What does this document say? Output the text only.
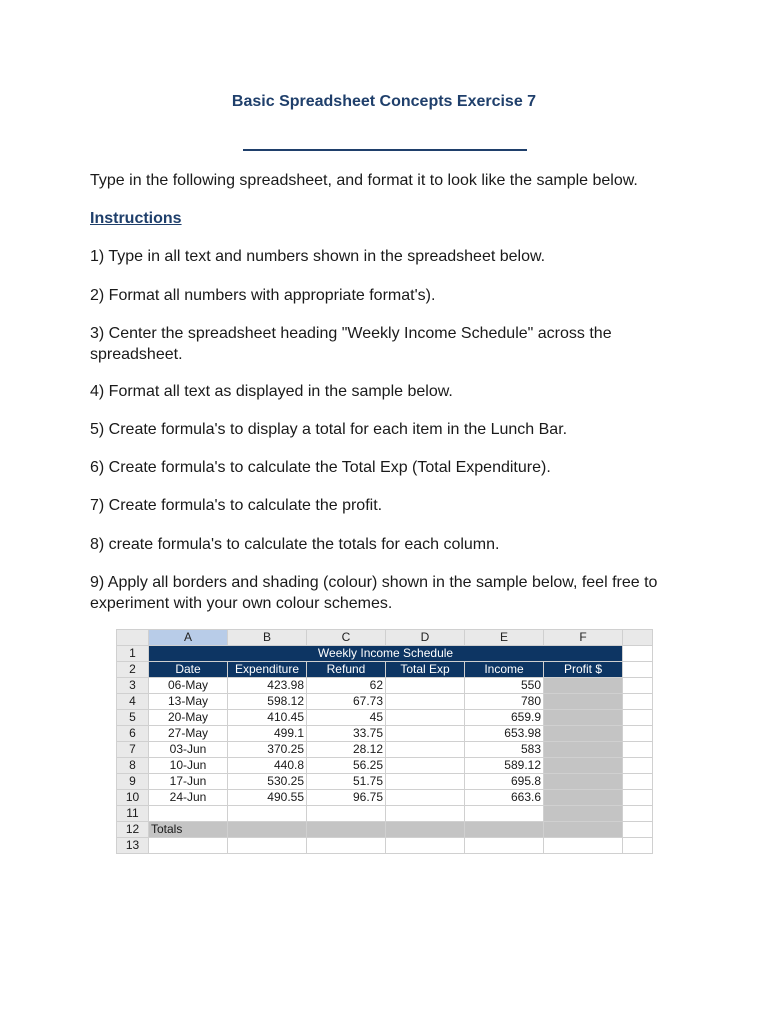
Basic Spreadsheet Concepts Exercise 7

Type in the following spreadsheet, and format it to look like the sample below.

Instructions

1) Type in all text and numbers shown in the spreadsheet below.

2) Format all numbers with appropriate format's).

3) Center the spreadsheet heading "Weekly Income Schedule" across the spreadsheet.

4) Format all text as displayed in the sample below.

5) Create formula's to display a total for each item in the Lunch Bar.

6) Create formula's to calculate the Total Exp (Total Expenditure).

7) Create formula's to calculate the profit.

8) create formula's to calculate the totals for each column.

9) Apply all borders and shading (colour) shown in the sample below, feel free to experiment with your own colour schemes.

	A	B	C	D	E	F	
1	Weekly Income Schedule						
2	Date	Expenditure	Refund	Total Exp	Income	Profit $	
3	06-May	423.98	62		550		
4	13-May	598.12	67.73		780		
5	20-May	410.45	45		659.9		
6	27-May	499.1	33.75		653.98		
7	03-Jun	370.25	28.12		583		
8	10-Jun	440.8	56.25		589.12		
9	17-Jun	530.25	51.75		695.8		
10	24-Jun	490.55	96.75		663.6		
11							
12	Totals						
13							
